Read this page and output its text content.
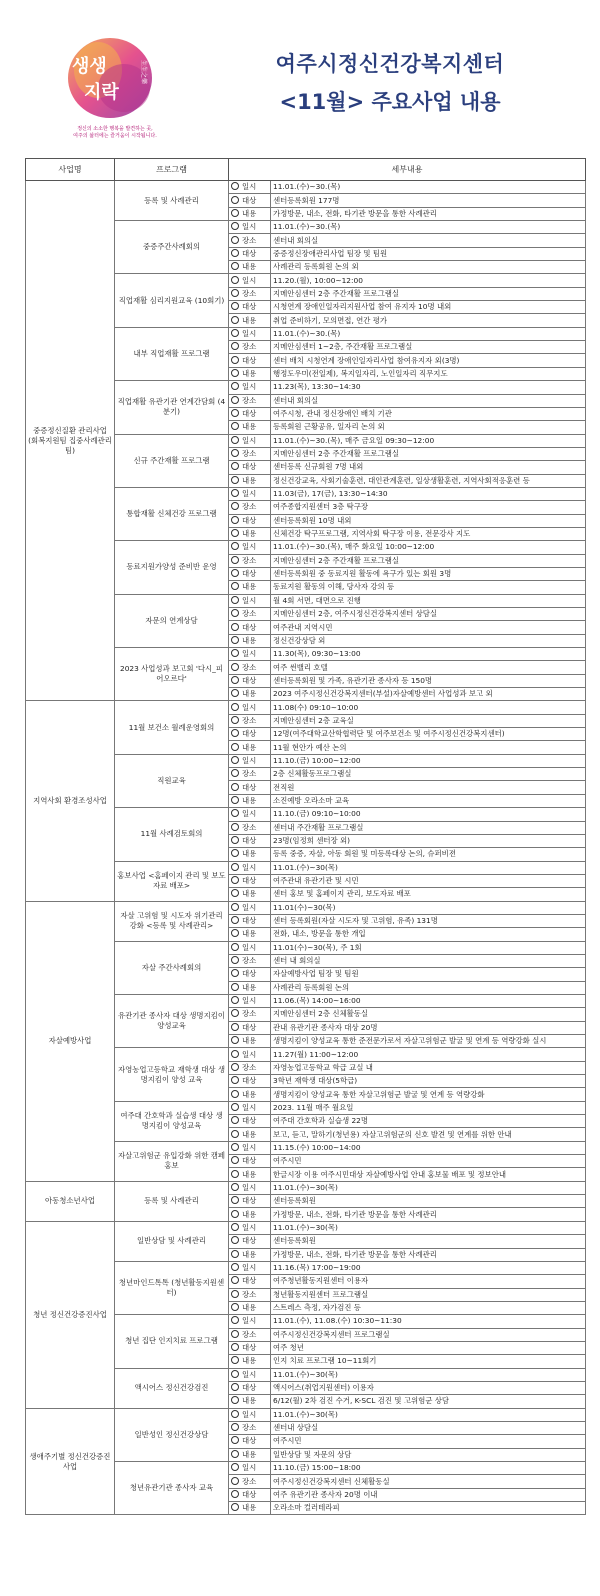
생생
지락
生生之樂
정신의 소소한 행복을 발견하는 곳,
여주의 삶터에는 즐거움이 시작됩니다.
여주시정신건강복지센터
<11월> 주요사업 내용
사업명	프로그램	세부내용	
중증정신질환 관리사업 (회복지원팀 집중사례관리팀)	등록 및 사례관리	일시	11.01.(수)~30.(목)
		대상	센터등록회원 177명
		내용	가정방문, 내소, 전화, 타기관 방문을 통한 사례관리
	중증주간사례회의	일시	11.01.(수)~30.(목)
		장소	센터내 회의실
		대상	중증정신장애관리사업 팀장 및 팀원
		내용	사례관리 등록회원 논의 외
	직업재활 심리지원교육 (10회기)	일시	11.20.(월), 10:00~12:00
		장소	지메안심센터 2층 주간재활 프로그램실
		대상	시청연계 장애인일자리지원사업 참여 유지자 10명 내외
		내용	취업 준비하기, 모의면접, 연간 평가
	내부 직업재활 프로그램	일시	11.01.(수)~30.(목)
		장소	지메안심센터 1~2층, 주간재활 프로그램실
		대상	센터 배치 시청연계 장애인일자리사업 참여유지자 외(3명)
		내용	행정도우미(전일제), 복지일자리, 노인일자리 직무지도
	직업재활 유관기관 연계간담회 (4분기)	일시	11.23(목), 13:30~14:30
		장소	센터내 회의실
		대상	여주시청, 관내 정신장애인 배치 기관
		내용	등록회원 근황공유, 일자리 논의 외
	신규 주간재활 프로그램	일시	11.01.(수)~30.(목), 매주 금요일 09:30~12:00
		장소	지메안심센터 2층 주간재활 프로그램실
		대상	센터등록 신규회원 7명 내외
		내용	정신건강교육, 사회기술훈련, 대인관계훈련, 일상생활훈련, 지역사회적응훈련 등
	통합재활 신체건강 프로그램	일시	11.03(금), 17(금), 13:30~14:30
		장소	여주종합지원센터 3층 탁구장
		대상	센터등록회원 10명 내외
		내용	신체건강 탁구프로그램, 지역사회 탁구장 이용, 전문강사 지도
	동료지원가양성 준비반 운영	일시	11.01.(수)~30.(목), 매주 화요일 10:00~12:00
		장소	지메안심센터 2층 주간재활 프로그램실
		대상	센터등록회원 중 동료지원 활동에 욕구가 있는 회원 3명
		내용	동료지원 활동의 이해, 당사자 강의 등
	자문의 연계상담	일시	월 4회 서면, 대면으로 진행
		장소	지메안심센터 2층, 여주시정신건강복지센터 상담실
		대상	여주관내 지역시민
		내용	정신건강상담 외
	2023 사업성과 보고회 '다시_피어오르다'	일시	11.30(목), 09:30~13:00
		장소	여주 썬밸리 호텔
		대상	센터등록회원 및 가족, 유관기관 종사자 등 150명
		내용	2023 여주시정신건강복지센터(부설)자살예방센터 사업성과 보고 외
지역사회 환경조성사업	11월 보건소 월례운영회의	일시	11.08(수) 09:10~10:00
		장소	지메안심센터 2층 교육실
		대상	12명(여주대학교산학협력단 및 여주보건소 및 여주시정신건강복지센터)
		내용	11월 현안가 예산 논의
	직원교육	일시	11.10.(금) 10:00~12:00
		장소	2층 신체활동프로그램실
		대상	전직원
		내용	소진예방 오라소마 교육
	11월 사례검토회의	일시	11.10.(금) 09:10~10:00
		장소	센터내 주간재활 프로그램실
		대상	23명(임정희 센터장 외)
		내용	등록 중증, 자살, 아동 회원 및 미등록대상 논의, 슈퍼비젼
	홍보사업 <홈페이지 관리 및 보도자료 배포>	일시	11.01.(수)~30(목)
		대상	여주관내 유관기관 및 시민
		내용	센터 홍보 및 홈페이지 관리, 보도자료 배포
자살예방사업	자살 고위험 및 시도자 위기관리 강화 <등록 및 사례관리>	일시	11.01(수)~30(목)
		대상	센터 등록회원(자살 시도자 및 고위험, 유족) 131명
		내용	전화, 내소, 방문을 통한 개입
	자살 주간사례회의	일시	11.01(수)~30(목), 주 1회
		장소	센터 내 회의실
		대상	자살예방사업 팀장 및 팀원
		내용	사례관리 등록회원 논의
	유관기관 종사자 대상 생명지킴이 양성교육	일시	11.06.(목) 14:00~16:00
		장소	지메안심센터 2층 신체활동실
		대상	관내 유관기관 종사자 대상 20명
		내용	생명지킴이 양성교육 통한 준전문가로서 자살고위험군 발굴 및 연계 등 역량강화 실시
	자영농업고등학교 재학생 대상 생명지킴이 양성 교육	일시	11.27(월) 11:00~12:00
		장소	자영농업고등학교 학급 교실 내
		대상	3학년 재학생 대상(5학급)
		내용	생명지킴이 양성교육 통한 자살고위험군 발굴 및 연계 등 역량강화
	여주대 간호학과 실습생 대상 생명지킴이 양성교육	일시	2023. 11월 매주 월요일
		대상	여주대 간호학과 실습생 22명
		내용	보고, 듣고, 말하기(청년용) 자살고위험군의 신호 발견 및 연계를 위한 안내
	자살고위험군 유입강화 위한 캠페 홍보	일시	11.15.(수) 10:00~14:00
		대상	여주시민
		내용	한글시장 이용 여주시민대상 자살예방사업 안내 홍보물 배포 및 정보안내
아동청소년사업	등록 및 사례관리	일시	11.01.(수)~30(목)
		대상	센터등록회원
		내용	가정방문, 내소, 전화, 타기관 방문을 통한 사례관리
청년 정신건강증진사업	일반상담 및 사례관리	일시	11.01.(수)~30(목)
		대상	센터등록회원
		내용	가정방문, 내소, 전화, 타기관 방문을 통한 사례관리
	청년마인드톡톡 (청년활동지원센터)	일시	11.16.(목) 17:00~19:00
		대상	여주청년활동지원센터 이용자
		장소	청년활동지원센터 프로그램실
		내용	스트레스 측정, 자가검진 등
	청년 집단 인지치료 프로그램	일시	11.01.(수), 11.08.(수) 10:30~11:30
		장소	여주시정신건강복지센터 프로그램실
		대상	여주 청년
		내용	인지 치료 프로그램 10~11회기
	액시어스 정신건강검진	일시	11.01.(수)~30(목)
		대상	액시어스(취업지원센터) 이용자
		내용	6/12(월) 2차 검진 수거, K-SCL 검진 및 고위험군 상담
생애주기별 정신건강증진사업	일반성인 정신건강상담	일시	11.01.(수)~30(목)
		장소	센터내 상담실
		대상	여주시민
		내용	일반상담 및 자문의 상담
	청년유관기관 종사자 교육	일시	11.10.(금) 15:00~18:00
		장소	여주시정신건강복지센터 신체활동실
		대상	여주 유관기관 종사자 20명 이내
		내용	오라소마 컬러테라피
